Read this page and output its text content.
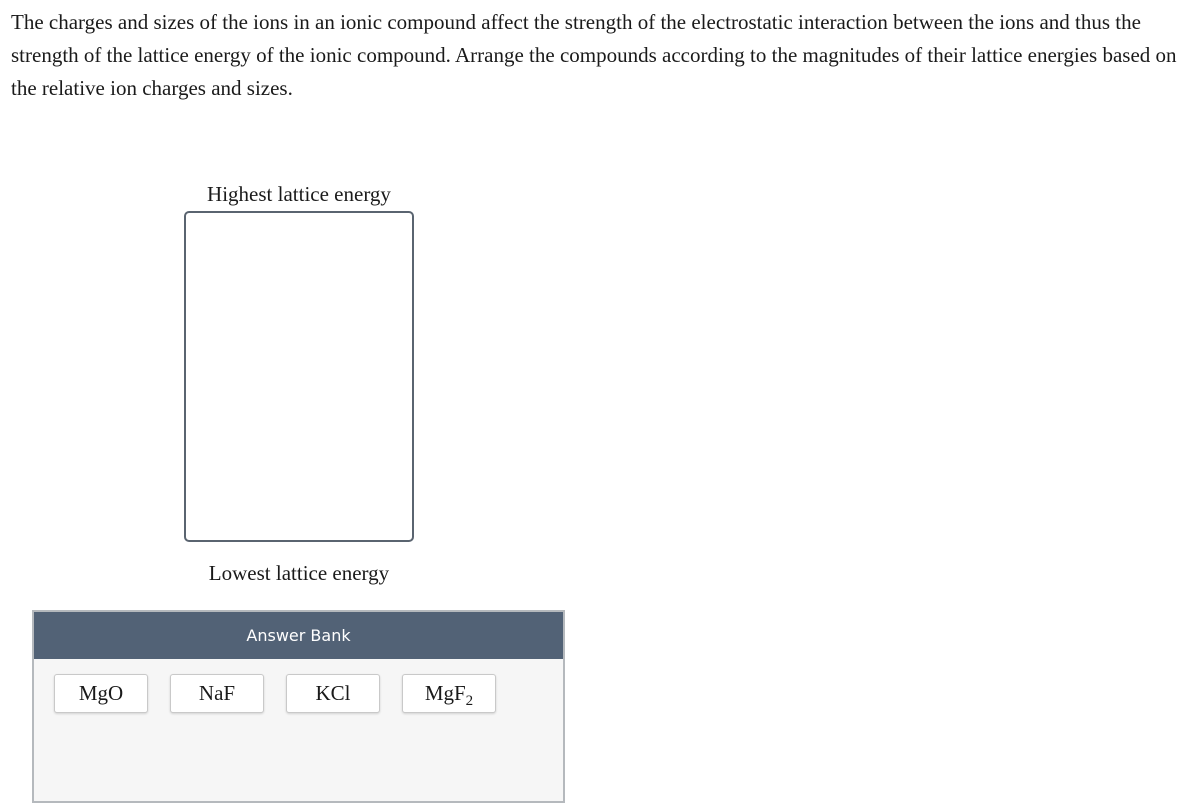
The charges and sizes of the ions in an ionic compound affect the strength of the electrostatic interaction between the ions and thus the strength of the lattice energy of the ionic compound. Arrange the compounds according to the magnitudes of their lattice energies based on the relative ion charges and sizes.

Highest lattice energy
Lowest lattice energy
Answer Bank
MgO	NaF	KCl	MgF$_2$
